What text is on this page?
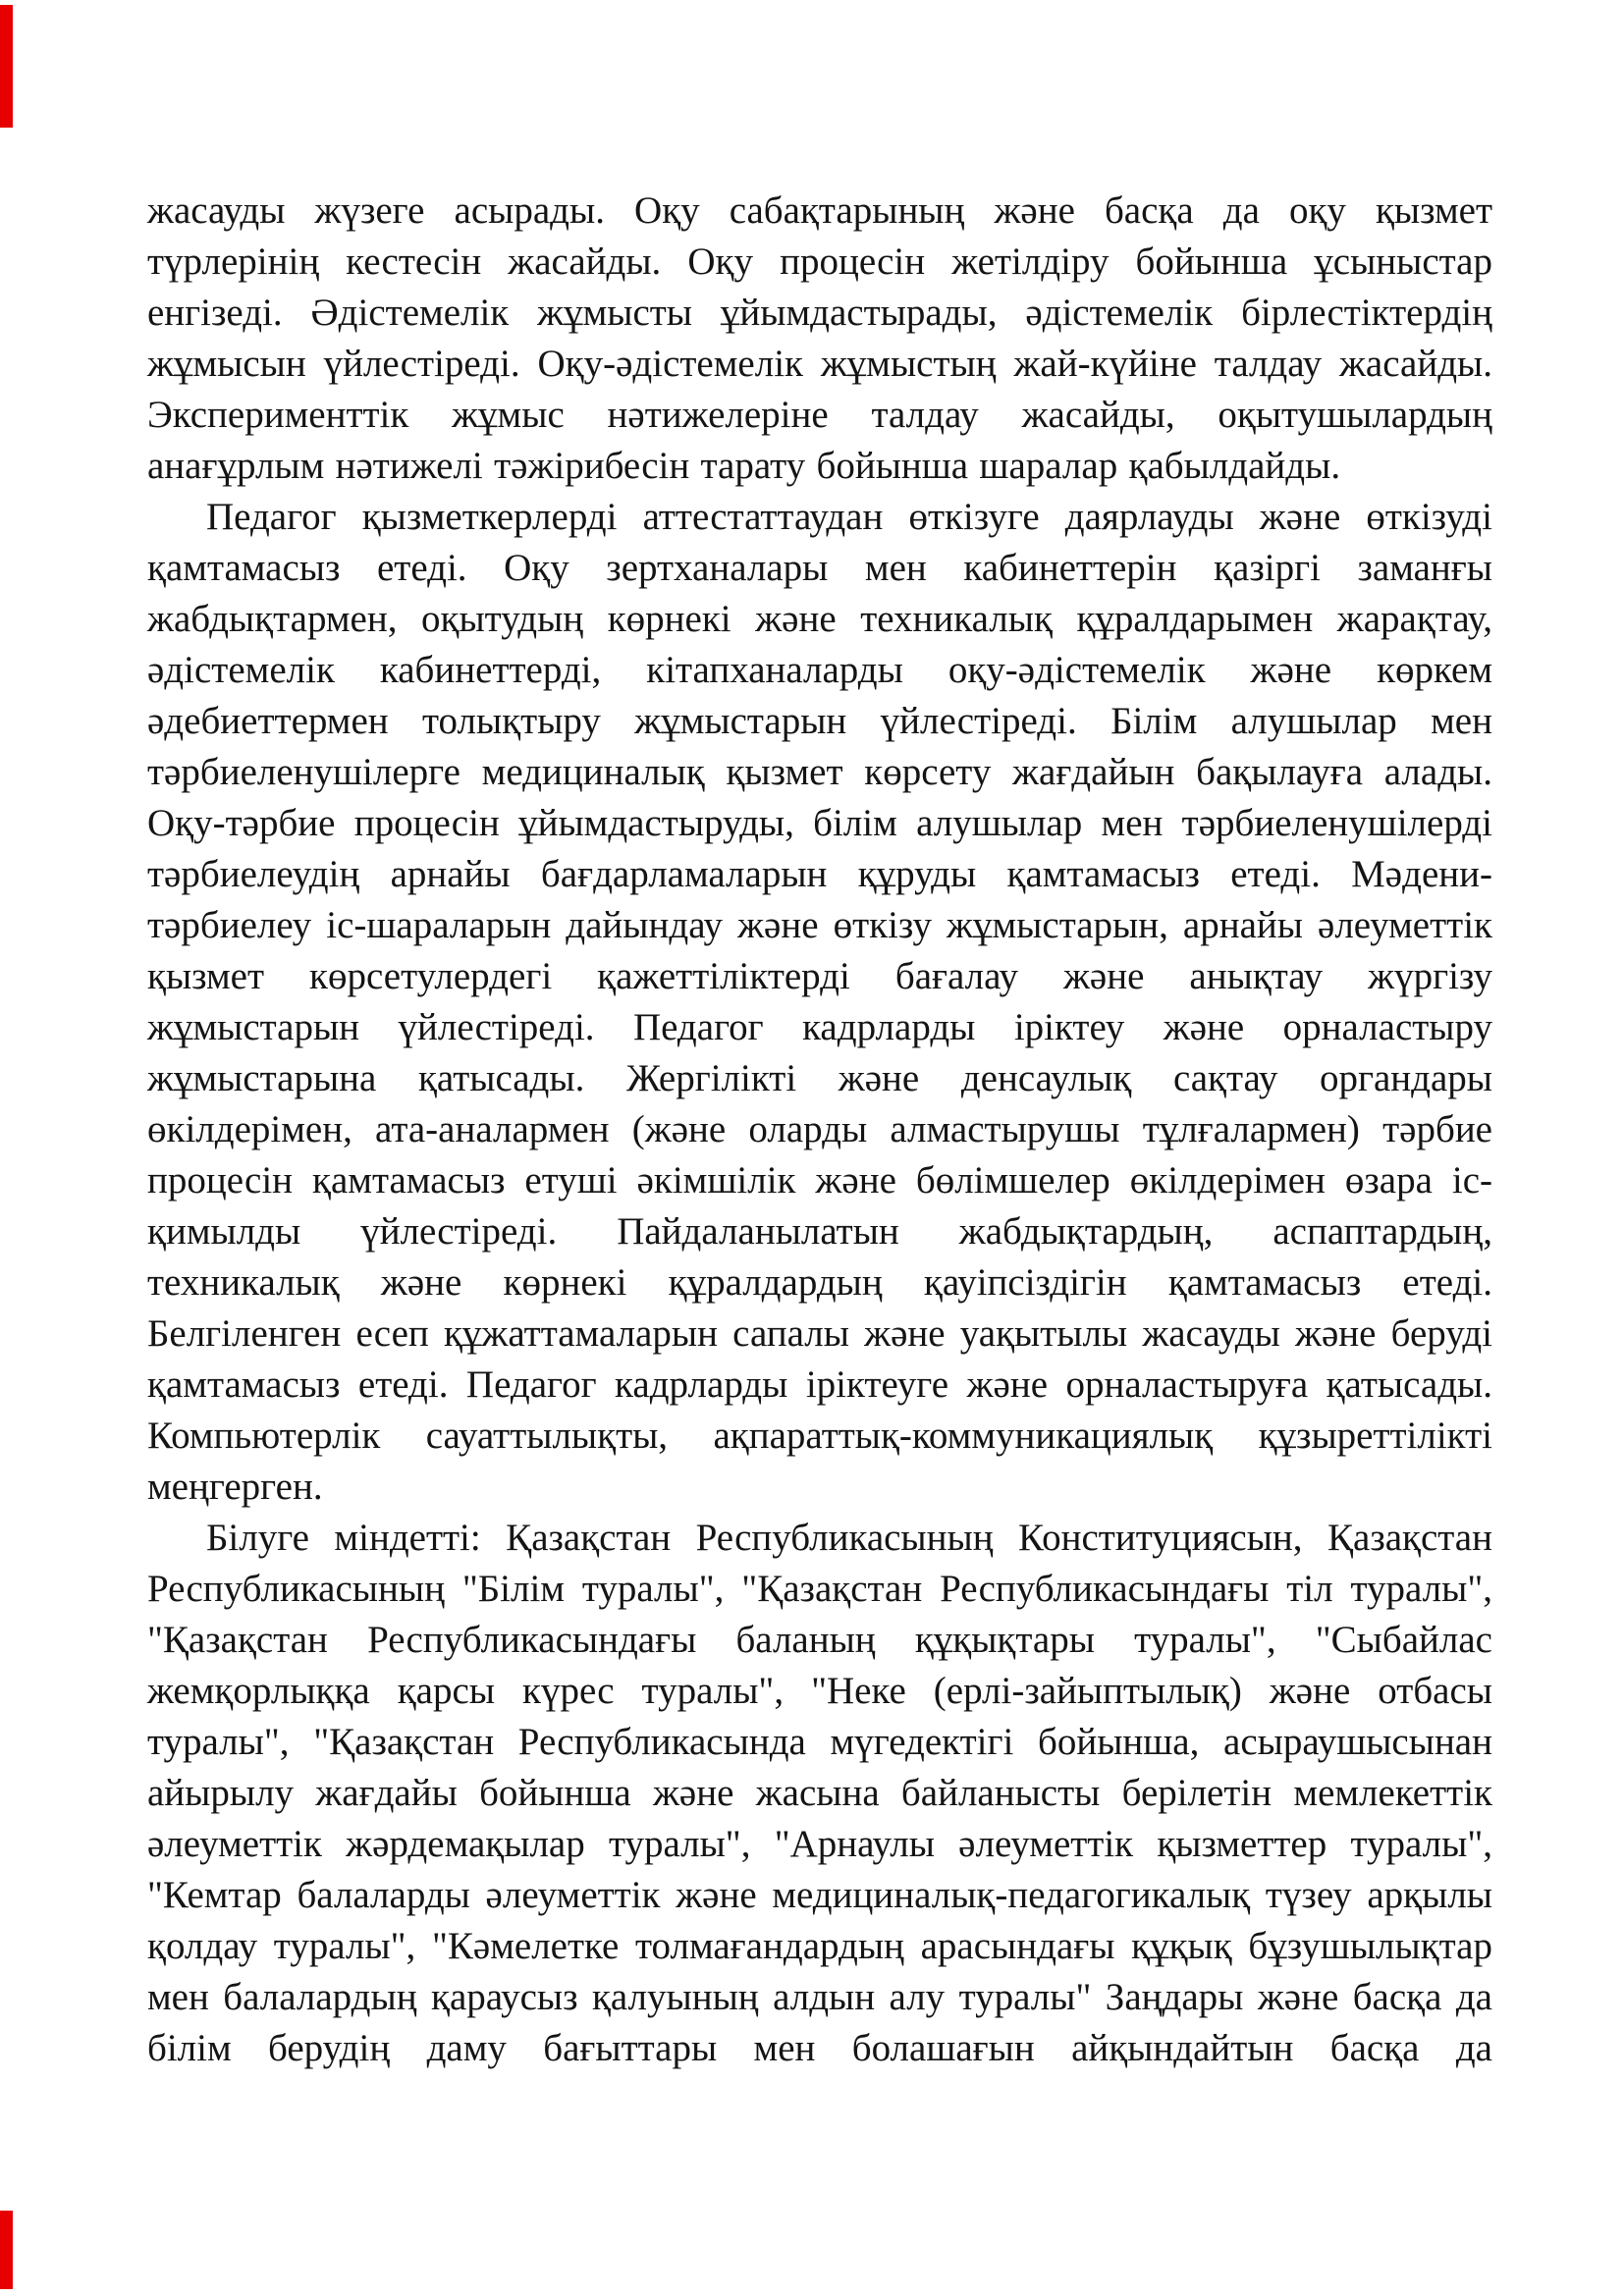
жасауды жүзеге асырады. Оқу сабақтарының және басқа да оқу қызмет түрлерінің кестесін жасайды. Оқу процесін жетілдіру бойынша ұсыныстар енгізеді. Әдістемелік жұмысты ұйымдастырады, әдістемелік бірлестіктердің жұмысын үйлестіреді. Оқу-әдістемелік жұмыстың жай-күйіне талдау жасайды. Эксперименттік жұмыс нәтижелеріне талдау жасайды, оқытушылардың анағұрлым нәтижелі тәжірибесін тарату бойынша шаралар қабылдайды.

Педагог қызметкерлерді аттестаттаудан өткізуге даярлауды және өткізуді қамтамасыз етеді. Оқу зертханалары мен кабинеттерін қазіргі заманғы жабдықтармен, оқытудың көрнекі және техникалық құралдарымен жарақтау, әдістемелік кабинеттерді, кітапханаларды оқу-әдістемелік және көркем әдебиеттермен толықтыру жұмыстарын үйлестіреді. Білім алушылар мен тәрбиеленушілерге медициналық қызмет көрсету жағдайын бақылауға алады. Оқу-тәрбие процесін ұйымдастыруды, білім алушылар мен тәрбиеленушілерді тәрбиелеудің арнайы бағдарламаларын құруды қамтамасыз етеді. Мәдени-тәрбиелеу іс-шараларын дайындау және өткізу жұмыстарын, арнайы әлеуметтік қызмет көрсетулердегі қажеттіліктерді бағалау және анықтау жүргізу жұмыстарын үйлестіреді. Педагог кадрларды іріктеу және орналастыру жұмыстарына қатысады. Жергілікті және денсаулық сақтау органдары өкілдерімен, ата-аналармен (және оларды алмастырушы тұлғалармен) тәрбие процесін қамтамасыз етуші әкімшілік және бөлімшелер өкілдерімен өзара іс-қимылды үйлестіреді. Пайдаланылатын жабдықтардың, аспаптардың, техникалық және көрнекі құралдардың қауіпсіздігін қамтамасыз етеді. Белгіленген есеп құжаттамаларын сапалы және уақытылы жасауды және беруді қамтамасыз етеді. Педагог кадрларды іріктеуге және орналастыруға қатысады. Компьютерлік сауаттылықты, ақпараттық-коммуникациялық құзыреттілікті меңгерген.

Білуге міндетті: Қазақстан Республикасының Конституциясын, Қазақстан Республикасының "Білім туралы", "Қазақстан Республикасындағы тіл туралы", "Қазақстан Республикасындағы баланың құқықтары туралы", "Сыбайлас жемқорлыққа қарсы күрес туралы", "Неке (ерлі-зайыптылық) және отбасы туралы", "Қазақстан Республикасында мүгедектігі бойынша, асыраушысынан айырылу жағдайы бойынша және жасына байланысты берілетін мемлекеттік әлеуметтік жәрдемақылар туралы", "Арнаулы әлеуметтік қызметтер туралы", "Кемтар балаларды әлеуметтік және медициналық-педагогикалық түзеу арқылы қолдау туралы", "Кәмелетке толмағандардың арасындағы құқық бұзушылықтар мен балалардың қараусыз қалуының алдын алу туралы" Заңдары және басқа да білім берудің даму бағыттары мен болашағын айқындайтын басқа да
